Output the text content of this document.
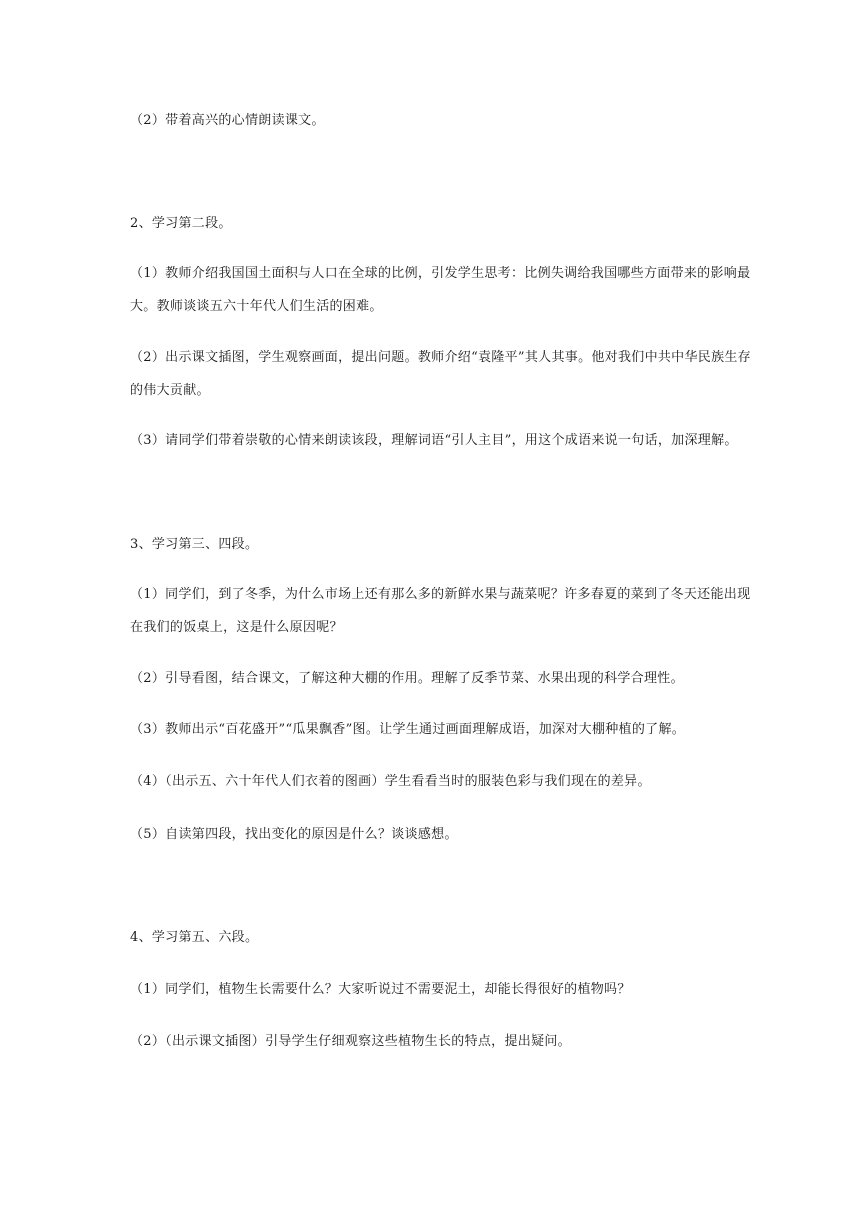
（2）带着高兴的心情朗读课文。
2、学习第二段。
（1）教师介绍我国国土面积与人口在全球的比例，引发学生思考：比例失调给我国哪些方面带来的影响最
大。教师谈谈五六十年代人们生活的困难。
（2）出示课文插图，学生观察画面，提出问题。教师介绍“袁隆平”其人其事。他对我们中共中华民族生存
的伟大贡献。
（3）请同学们带着崇敬的心情来朗读该段，理解词语“引人主目”，用这个成语来说一句话，加深理解。
3、学习第三、四段。
（1）同学们，到了冬季，为什么市场上还有那么多的新鲜水果与蔬菜呢？许多春夏的菜到了冬天还能出现
在我们的饭桌上，这是什么原因呢？
（2）引导看图，结合课文，了解这种大棚的作用。理解了反季节菜、水果出现的科学合理性。
（3）教师出示“百花盛开”“瓜果飘香”图。让学生通过画面理解成语，加深对大棚种植的了解。
（4）（出示五、六十年代人们衣着的图画）学生看看当时的服装色彩与我们现在的差异。
（5）自读第四段，找出变化的原因是什么？谈谈感想。
4、学习第五、六段。
（1）同学们，植物生长需要什么？大家听说过不需要泥土，却能长得很好的植物吗？
（2）（出示课文插图）引导学生仔细观察这些植物生长的特点，提出疑问。
